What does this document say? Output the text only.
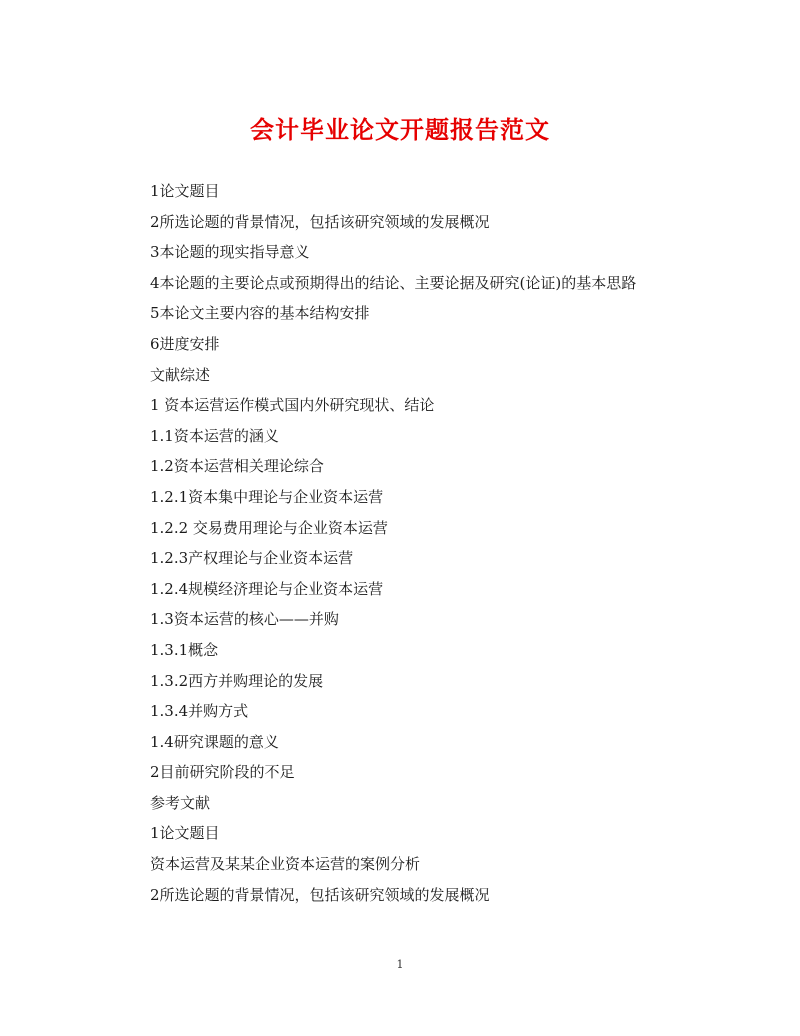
会计毕业论文开题报告范文
1论文题目
2所选论题的背景情况，包括该研究领域的发展概况
3本论题的现实指导意义
4本论题的主要论点或预期得出的结论、主要论据及研究(论证)的基本思路
5本论文主要内容的基本结构安排
6进度安排
文献综述
1 资本运营运作模式国内外研究现状、结论
1.1资本运营的涵义
1.2资本运营相关理论综合
1.2.1资本集中理论与企业资本运营
1.2.2 交易费用理论与企业资本运营
1.2.3产权理论与企业资本运营
1.2.4规模经济理论与企业资本运营
1.3资本运营的核心——并购
1.3.1概念
1.3.2西方并购理论的发展
1.3.4并购方式
1.4研究课题的意义
2目前研究阶段的不足
参考文献
1论文题目
资本运营及某某企业资本运营的案例分析
2所选论题的背景情况，包括该研究领域的发展概况
1
